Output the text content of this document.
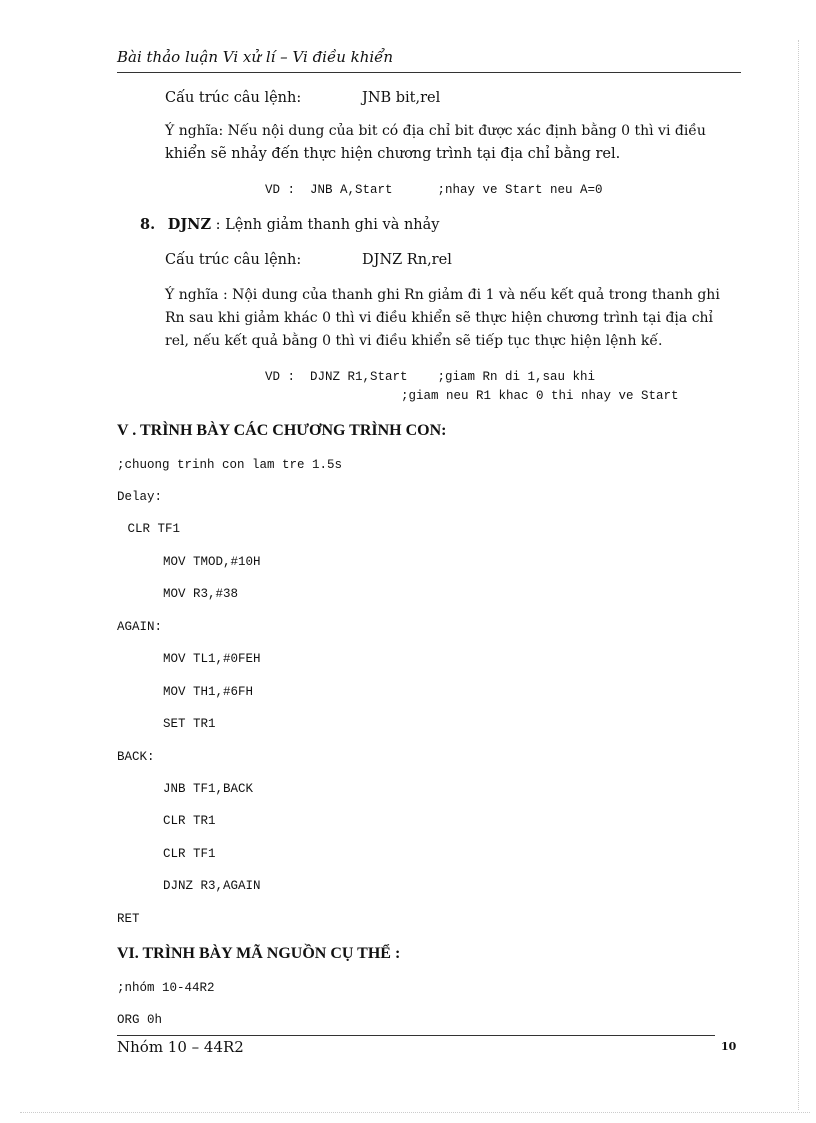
Bài thảo luận Vi xử lí – Vi điều khiển
Cấu trúc câu lệnh:	JNB bit,rel
Ý nghĩa: Nếu nội dung của bit có địa chỉ bit được xác định bằng 0 thì vi điều
khiển sẽ nhảy đến thực hiện chương trình tại địa chỉ bằng rel.
VD :  JNB A,Start      ;nhay ve Start neu A=0
8. DJNZ : Lệnh giảm thanh ghi và nhảy
Cấu trúc câu lệnh:	DJNZ Rn,rel
Ý nghĩa : Nội dung của thanh ghi Rn giảm đi 1 và nếu kết quả trong thanh ghi
Rn sau khi giảm khác 0 thì vi điều khiển sẽ thực hiện chương trình tại địa chỉ
rel, nếu kết quả bằng 0 thì vi điều khiển sẽ tiếp tục thực hiện lệnh kế.
VD :  DJNZ R1,Start    ;giam Rn di 1,sau khi
;giam neu R1 khac 0 thi nhay ve Start
V . TRÌNH BÀY CÁC CHƯƠNG TRÌNH CON:
;chuong trinh con lam tre 1.5s
Delay:
CLR TF1
MOV TMOD,#10H
MOV R3,#38
AGAIN:
MOV TL1,#0FEH
MOV TH1,#6FH
SET TR1
BACK:
JNB TF1,BACK
CLR TR1
CLR TF1
DJNZ R3,AGAIN
RET
VI. TRÌNH BÀY MÃ NGUỒN CỤ THỂ :
;nhóm 10-44R2
ORG 0h
Nhóm 10 – 44R2	10
